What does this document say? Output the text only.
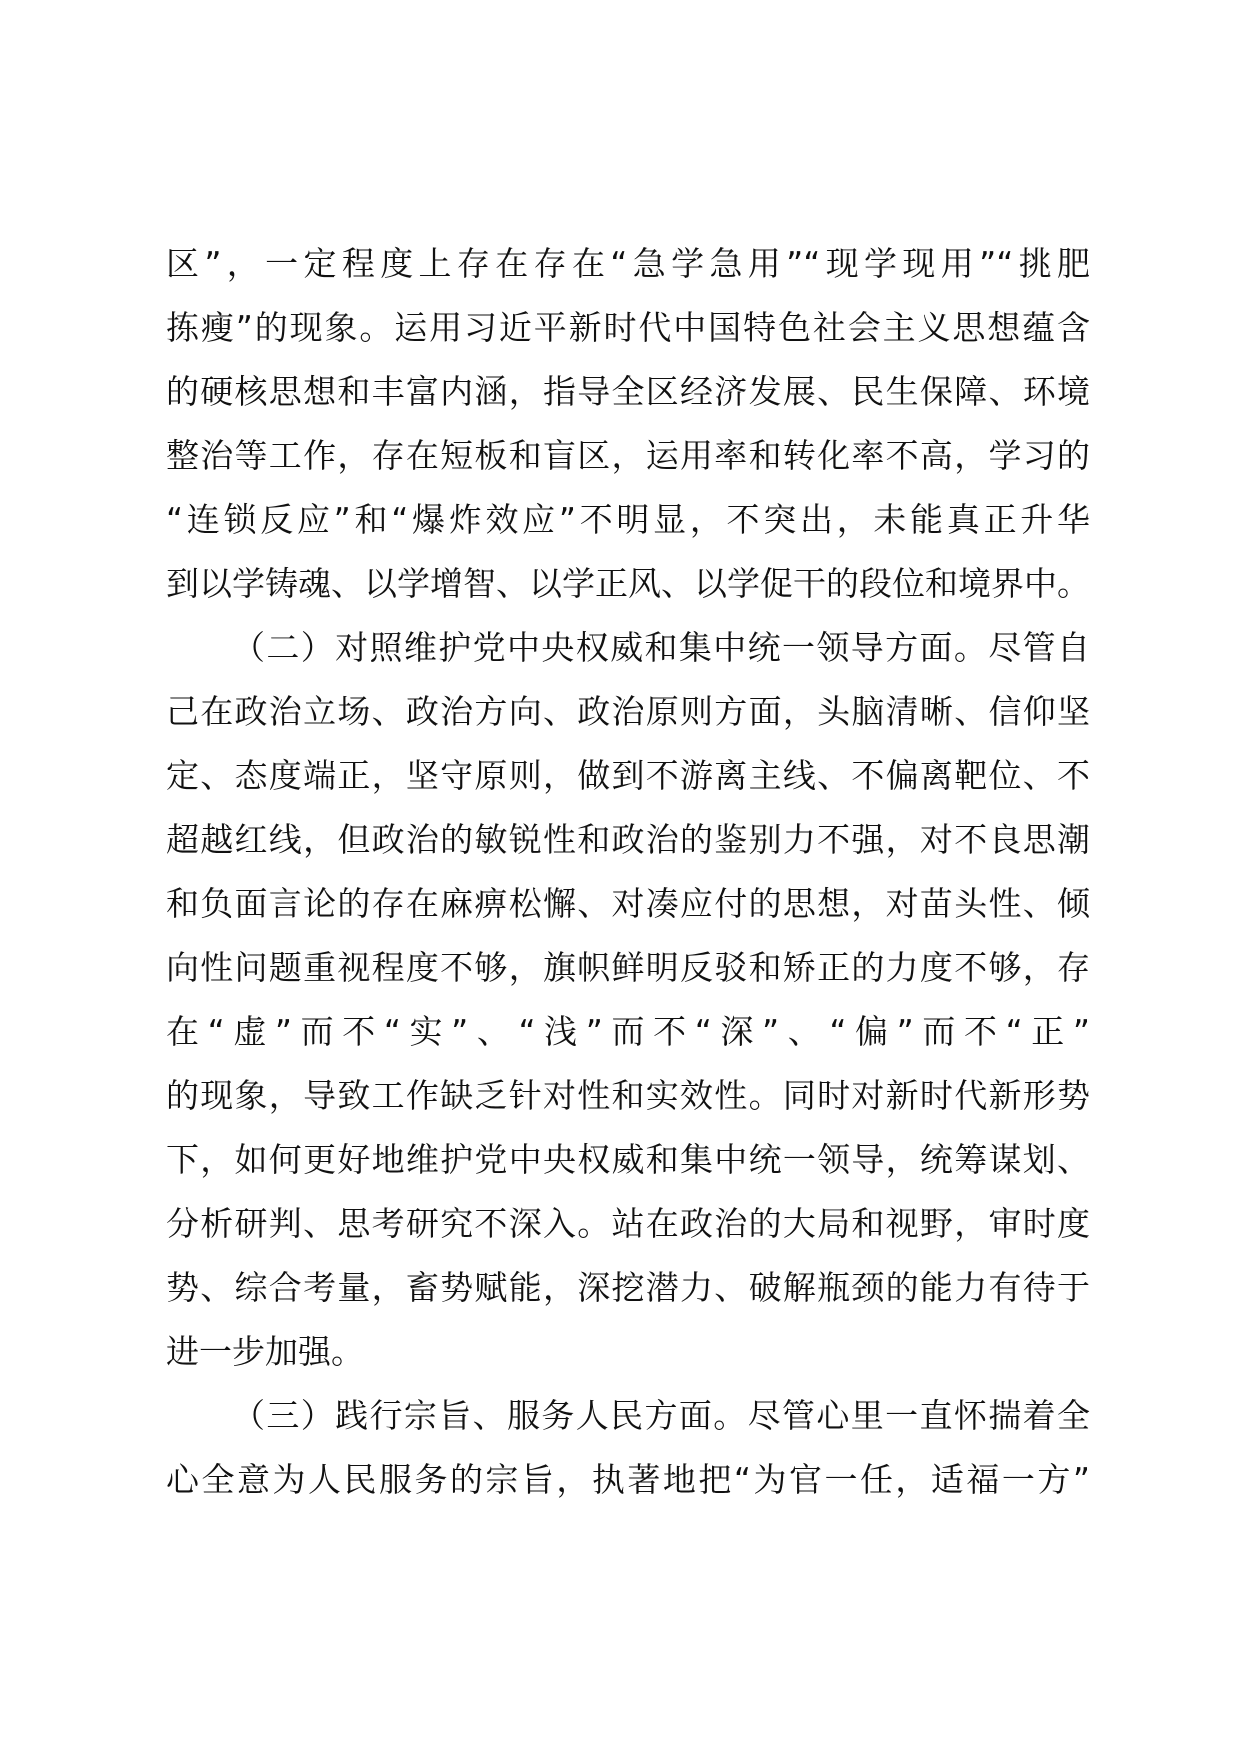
区”，一定程度上存在存在“急学急用”“现学现用”“挑肥
拣瘦”的现象。运用习近平新时代中国特色社会主义思想蕴含
的硬核思想和丰富内涵，指导全区经济发展、民生保障、环境
整治等工作，存在短板和盲区，运用率和转化率不高，学习的
“连锁反应”和“爆炸效应”不明显，不突出，未能真正升华
到以学铸魂、以学增智、以学正风、以学促干的段位和境界中。
（二）对照维护党中央权威和集中统一领导方面。尽管自
己在政治立场、政治方向、政治原则方面，头脑清晰、信仰坚
定、态度端正，坚守原则，做到不游离主线、不偏离靶位、不
超越红线，但政治的敏锐性和政治的鉴别力不强，对不良思潮
和负面言论的存在麻痹松懈、对凑应付的思想，对苗头性、倾
向性问题重视程度不够，旗帜鲜明反驳和矫正的力度不够，存
在“虚”而不“实”、“浅”而不“深”、“偏”而不“正”
的现象，导致工作缺乏针对性和实效性。同时对新时代新形势
下，如何更好地维护党中央权威和集中统一领导，统筹谋划、
分析研判、思考研究不深入。站在政治的大局和视野，审时度
势、综合考量，畜势赋能，深挖潜力、破解瓶颈的能力有待于
进一步加强。
（三）践行宗旨、服务人民方面。尽管心里一直怀揣着全
心全意为人民服务的宗旨，执著地把“为官一任，适福一方”
